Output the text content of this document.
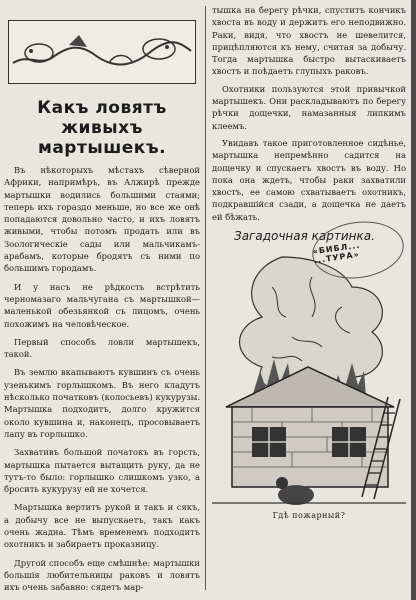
Какъ ловятъ живыхъ мартышекъ.

Въ нѣкоторыхъ мѣстахъ сѣверной Африки, напримѣръ, въ Алжирѣ прежде мартышки водились большими стаями; теперь ихъ гораздо меньше, но все же онѣ попадаются довольно часто, и ихъ ловятъ живыми, чтобы потомъ продать или въ Зоологическіе сады или мальчикамъ-арабамъ, которые бродятъ съ ними по большимъ городамъ.

И у насъ не рѣдкость встрѣтить черномазаго мальчугана съ мартышкой—маленькой обезьянкой съ лицомъ, очень похожимъ на человѣческое.

Первый способъ ловли мартышекъ, такой.

Въ землю вкапываютъ кувшинъ съ очень узенькимъ горлышкомъ. Въ него кладутъ нѣсколько початковъ (колосьевъ) кукурузы. Мартышка подходитъ, долго кружится около кувшина и, наконецъ, просовываетъ лапу въ горлышко.

Захвативъ большой початокъ въ горсть, мартышка пытается вытащить руку, да не тутъ-то было: горлышко слишкомъ узко, а бросить кукурузу ей не хочется.

Мартышка вертитъ рукой и такъ и сякъ, а добычу все не выпускаетъ, такъ какъ очень жадна. Тѣмъ временемъ подходитъ охотникъ и забираетъ проказницу.

Другой способъ еще смѣшнѣе: мартышки большія любительницы раковъ и ловятъ ихъ очень забавно: сядетъ мар-

тышка на берегу рѣчки, спуститъ кончикъ хвоста въ воду и держитъ его неподвижно. Раки, видя, что хвостъ не шевелится, прицѣпляются къ нему, считая за добычу. Тогда мартышка быстро вытаскиваетъ хвостъ и поѣдаетъ глупыхъ раковъ.

Охотники пользуются этой привычкой мартышекъ. Они раскладываютъ по берегу рѣчки дощечки, намазанныя липкимъ клеемъ.

Увидавъ такое приготовленное сидѣнье, мартышка непремѣнно садится на дощечку и спускаетъ хвостъ въ воду. Но пока она ждетъ, чтобы раки захватили хвостъ, ее самою схватываетъ охотникъ, подкравшійся сзади, а дощечка не даетъ ей бѣжать.

«БИБЛ... ...ТУРА»
Загадочная картинка.
Гдѣ пожарный?
